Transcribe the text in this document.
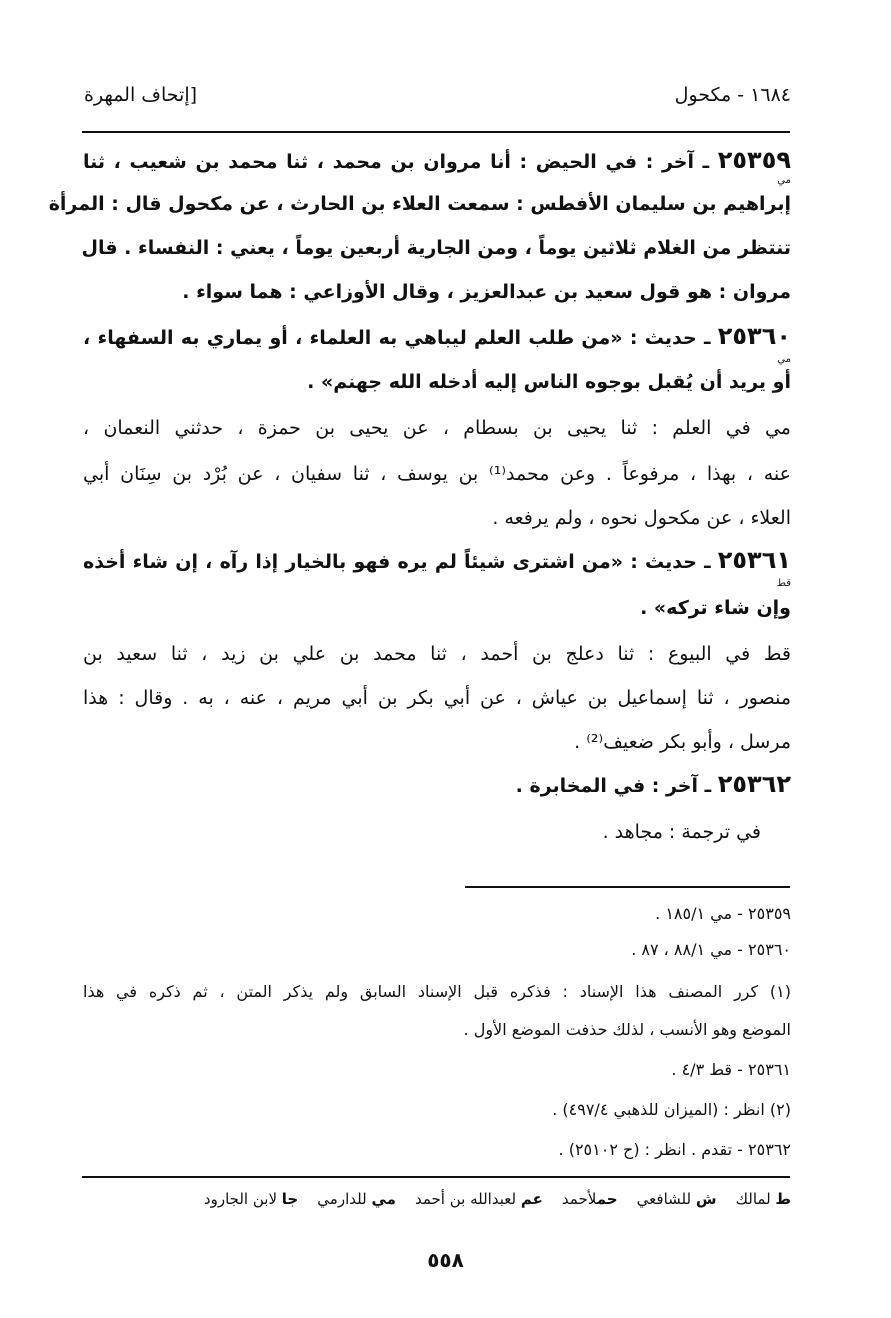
١٦٨٤ - مكحول
[إتحاف المهرة
٢٥٣٥٩ ـ آخر : في الحيض : أنا مروان بن محمد ، ثنا محمد بن شعيب ، ثنا
مي
إبراهيم بن سليمان الأفطس : سمعت العلاء بن الحارث ، عن مكحول قال : المرأة
تنتظر من الغلام ثلاثين يوماً ، ومن الجارية أربعين يوماً ، يعني : النفساء . قال
مروان : هو قول سعيد بن عبدالعزيز ، وقال الأوزاعي : هما سواء .
٢٥٣٦٠ ـ حديث : «من طلب العلم ليباهي به العلماء ، أو يماري به السفهاء ،
مي
أو يريد أن يُقبل بوجوه الناس إليه أدخله الله جهنم» .
مي في العلم : ثنا يحيى بن بسطام ، عن يحيى بن حمزة ، حدثني النعمان ،
عنه ، بهذا ، مرفوعاً . وعن محمد⁽¹⁾ بن يوسف ، ثنا سفيان ، عن بُرْد بن سِنَان أبي
العلاء ، عن مكحول نحوه ، ولم يرفعه .
٢٥٣٦١ ـ حديث : «من اشترى شيئاً لم يره فهو بالخيار إذا رآه ، إن شاء أخذه
قط
وإن شاء تركه» .
قط في البيوع : ثنا دعلج بن أحمد ، ثنا محمد بن علي بن زيد ، ثنا سعيد بن
منصور ، ثنا إسماعيل بن عياش ، عن أبي بكر بن أبي مريم ، عنه ، به . وقال : هذا
مرسل ، وأبو بكر ضعيف⁽²⁾ .
٢٥٣٦٢ ـ آخر : في المخابرة .
في ترجمة : مجاهد .
٢٥٣٥٩ - مي ١٨٥/١ .
٢٥٣٦٠ - مي ٨٨/١ ، ٨٧ .
(١) كرر المصنف هذا الإسناد : فذكره قبل الإسناد السابق ولم يذكر المتن ، ثم ذكره في هذا
الموضع وهو الأنسب ، لذلك حذفت الموضع الأول .
٢٥٣٦١ - قط ٤/٣ .
(٢) انظر : (الميزان للذهبي ٤٩٧/٤) .
٢٥٣٦٢ - تقدم . انظر : (ح ٢٥١٠٢) .
ط لمالك    ش للشافعي    حملأحمد    عم لعبدالله بن أحمد    مي للدارمي    جا لابن الجارود
٥٥٨
